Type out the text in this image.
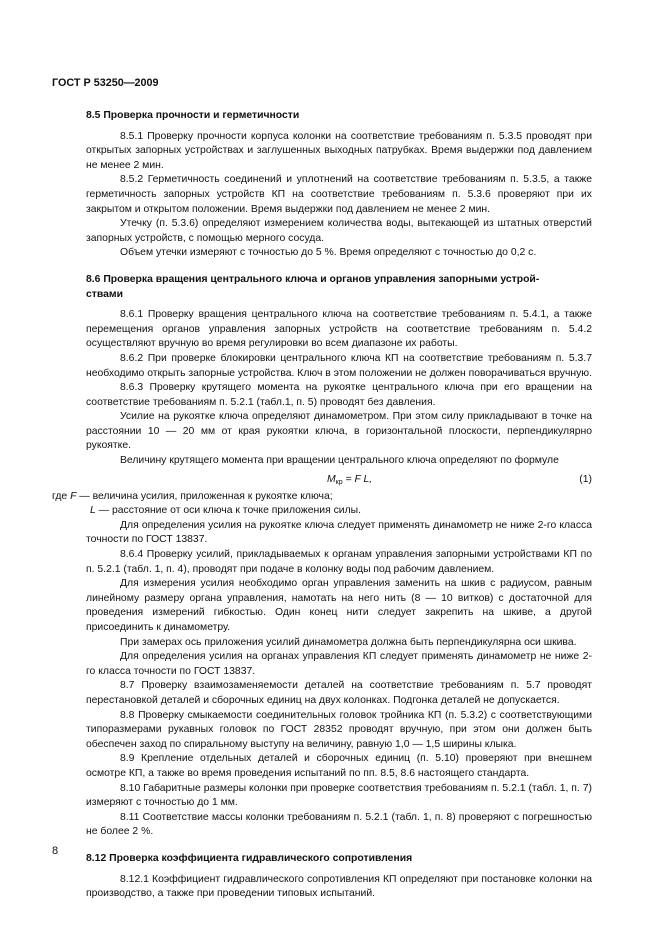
ГОСТ Р 53250—2009
8.5 Проверка прочности и герметичности

8.5.1 Проверку прочности корпуса колонки на соответствие требованиям п. 5.3.5 проводят при открытых запорных устройствах и заглушенных выходных патрубках. Время выдержки под давлением не менее 2 мин.

8.5.2 Герметичность соединений и уплотнений на соответствие требованиям п. 5.3.5, а также герметичность запорных устройств КП на соответствие требованиям п. 5.3.6 проверяют при их закрытом и открытом положении. Время выдержки под давлением не менее 2 мин.

Утечку (п. 5.3.6) определяют измерением количества воды, вытекающей из штатных отверстий запорных устройств, с помощью мерного сосуда.

Объем утечки измеряют с точностью до 5 %. Время определяют с точностью до 0,2 с.

8.6 Проверка вращения центрального ключа и органов управления запорными устрой-
ствами

8.6.1 Проверку вращения центрального ключа на соответствие требованиям п. 5.4.1, а также перемещения органов управления запорных устройств на соответствие требованиям п. 5.4.2 осуществляют вручную во время регулировки во всем диапазоне их работы.

8.6.2 При проверке блокировки центрального ключа КП на соответствие требованиям п. 5.3.7 необходимо открыть запорные устройства. Ключ в этом положении не должен поворачиваться вручную.

8.6.3 Проверку крутящего момента на рукоятке центрального ключа при его вращении на соответствие требованиям п. 5.2.1 (табл.1, п. 5) проводят без давления.

Усилие на рукоятке ключа определяют динамометром. При этом силу прикладывают в точке на расстоянии 10 — 20 мм от края рукоятки ключа, в горизонтальной плоскости, перпендикулярно рукоятке.

Величину крутящего момента при вращении центрального ключа определяют по формуле

$M_{кр} = F$ L,	(1)

где F — величина усилия, приложенная к рукоятке ключа;

L — расстояние от оси ключа к точке приложения силы.

Для определения усилия на рукоятке ключа следует применять динамометр не ниже 2-го класса точности по ГОСТ 13837.

8.6.4 Проверку усилий, прикладываемых к органам управления запорными устройствами КП по п. 5.2.1 (табл. 1, п. 4), проводят при подаче в колонку воды под рабочим давлением.

Для измерения усилия необходимо орган управления заменить на шкив с радиусом, равным линейному размеру органа управления, намотать на него нить (8 — 10 витков) с достаточной для проведения измерений гибкостью. Один конец нити следует закрепить на шкиве, а другой присоединить к динамометру.

При замерах ось приложения усилий динамометра должна быть перпендикулярна оси шкива.

Для определения усилия на органах управления КП следует применять динамометр не ниже 2-го класса точности по ГОСТ 13837.

8.7 Проверку взаимозаменяемости деталей на соответствие требованиям п. 5.7 проводят перестановкой деталей и сборочных единиц на двух колонках. Подгонка деталей не допускается.

8.8 Проверку смыкаемости соединительных головок тройника КП (п. 5.3.2) с соответствующими типоразмерами рукавных головок по ГОСТ 28352 проводят вручную, при этом они должен быть обеспечен заход по спиральному выступу на величину, равную 1,0 — 1,5 ширины клыка.

8.9 Крепление отдельных деталей и сборочных единиц (п. 5.10) проверяют при внешнем осмотре КП, а также во время проведения испытаний по пп. 8.5, 8.6 настоящего стандарта.

8.10 Габаритные размеры колонки при проверке соответствия требованиям п. 5.2.1 (табл. 1, п. 7) измеряют с точностью до 1 мм.

8.11 Соответствие массы колонки требованиям п. 5.2.1 (табл. 1, п. 8) проверяют с погрешностью не более 2 %.

8.12 Проверка коэффициента гидравлического сопротивления

8.12.1 Коэффициент гидравлического сопротивления КП определяют при постановке колонки на производство, а также при проведении типовых испытаний.

8
